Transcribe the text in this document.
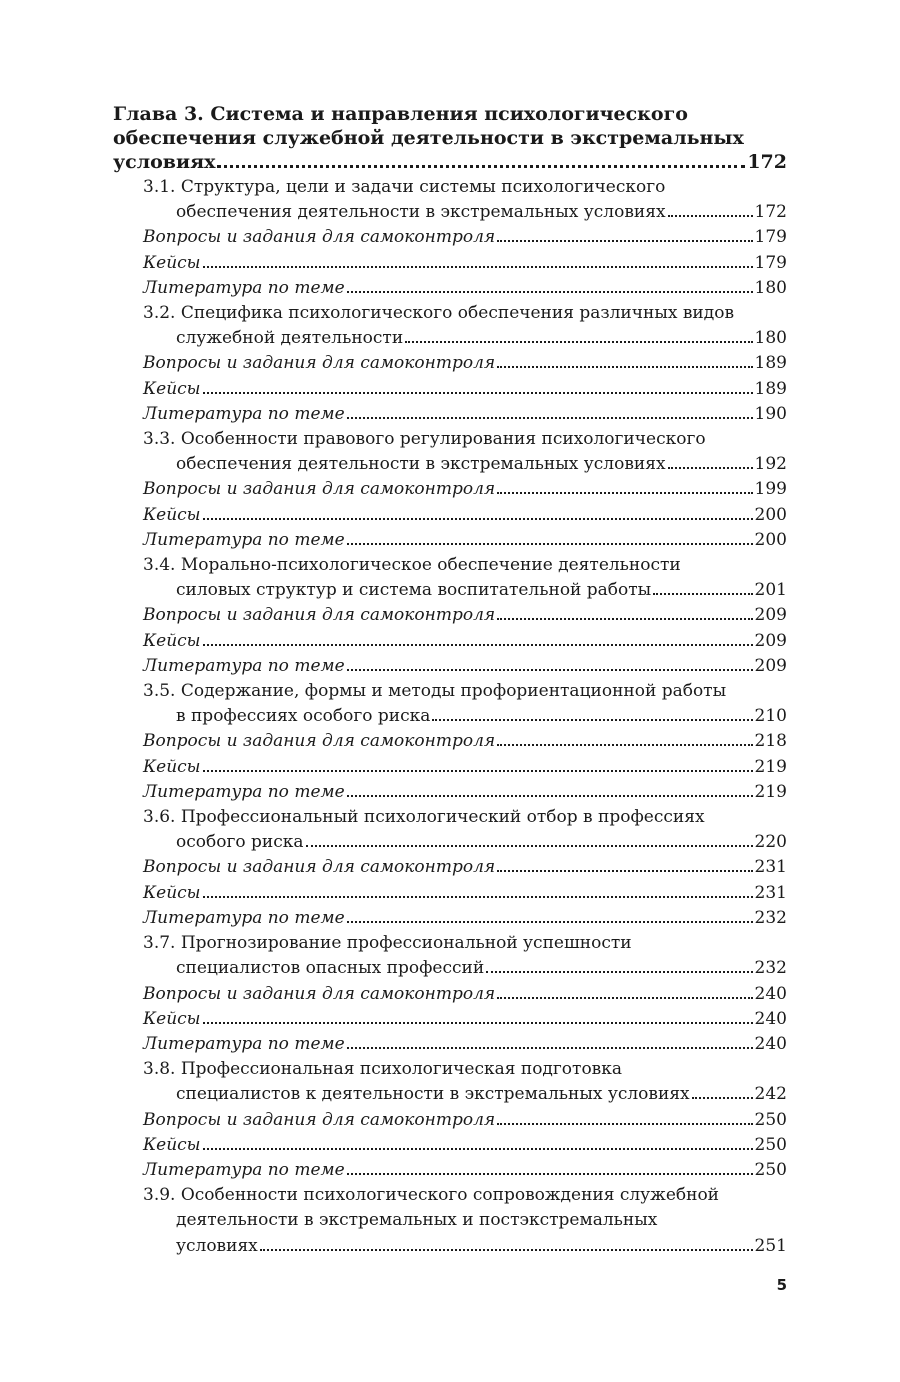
Глава 3. Система и направления психологического
обеспечения служебной деятельности в экстремальных
условиях	172
3.1. Структура, цели и задачи системы психологического
обеспечения деятельности в экстремальных условиях	172
Вопросы и задания для самоконтроля	179
Кейсы	179
Литература по теме	180
3.2. Специфика психологического обеспечения различных видов
служебной деятельности	180
Вопросы и задания для самоконтроля	189
Кейсы	189
Литература по теме	190
3.3. Особенности правового регулирования психологического
обеспечения деятельности в экстремальных условиях	192
Вопросы и задания для самоконтроля	199
Кейсы	200
Литература по теме	200
3.4. Морально-психологическое обеспечение деятельности
силовых структур и система воспитательной работы	201
Вопросы и задания для самоконтроля	209
Кейсы	209
Литература по теме	209
3.5. Содержание, формы и методы профориентационной работы
в профессиях особого риска	210
Вопросы и задания для самоконтроля	218
Кейсы	219
Литература по теме	219
3.6. Профессиональный психологический отбор в профессиях
особого риска	220
Вопросы и задания для самоконтроля	231
Кейсы	231
Литература по теме	232
3.7. Прогнозирование профессиональной успешности
специалистов опасных профессий	232
Вопросы и задания для самоконтроля	240
Кейсы	240
Литература по теме	240
3.8. Профессиональная психологическая подготовка
специалистов к деятельности в экстремальных условиях	242
Вопросы и задания для самоконтроля	250
Кейсы	250
Литература по теме	250
3.9. Особенности психологического сопровождения служебной
деятельности в экстремальных и постэкстремальных
условиях	251
5
